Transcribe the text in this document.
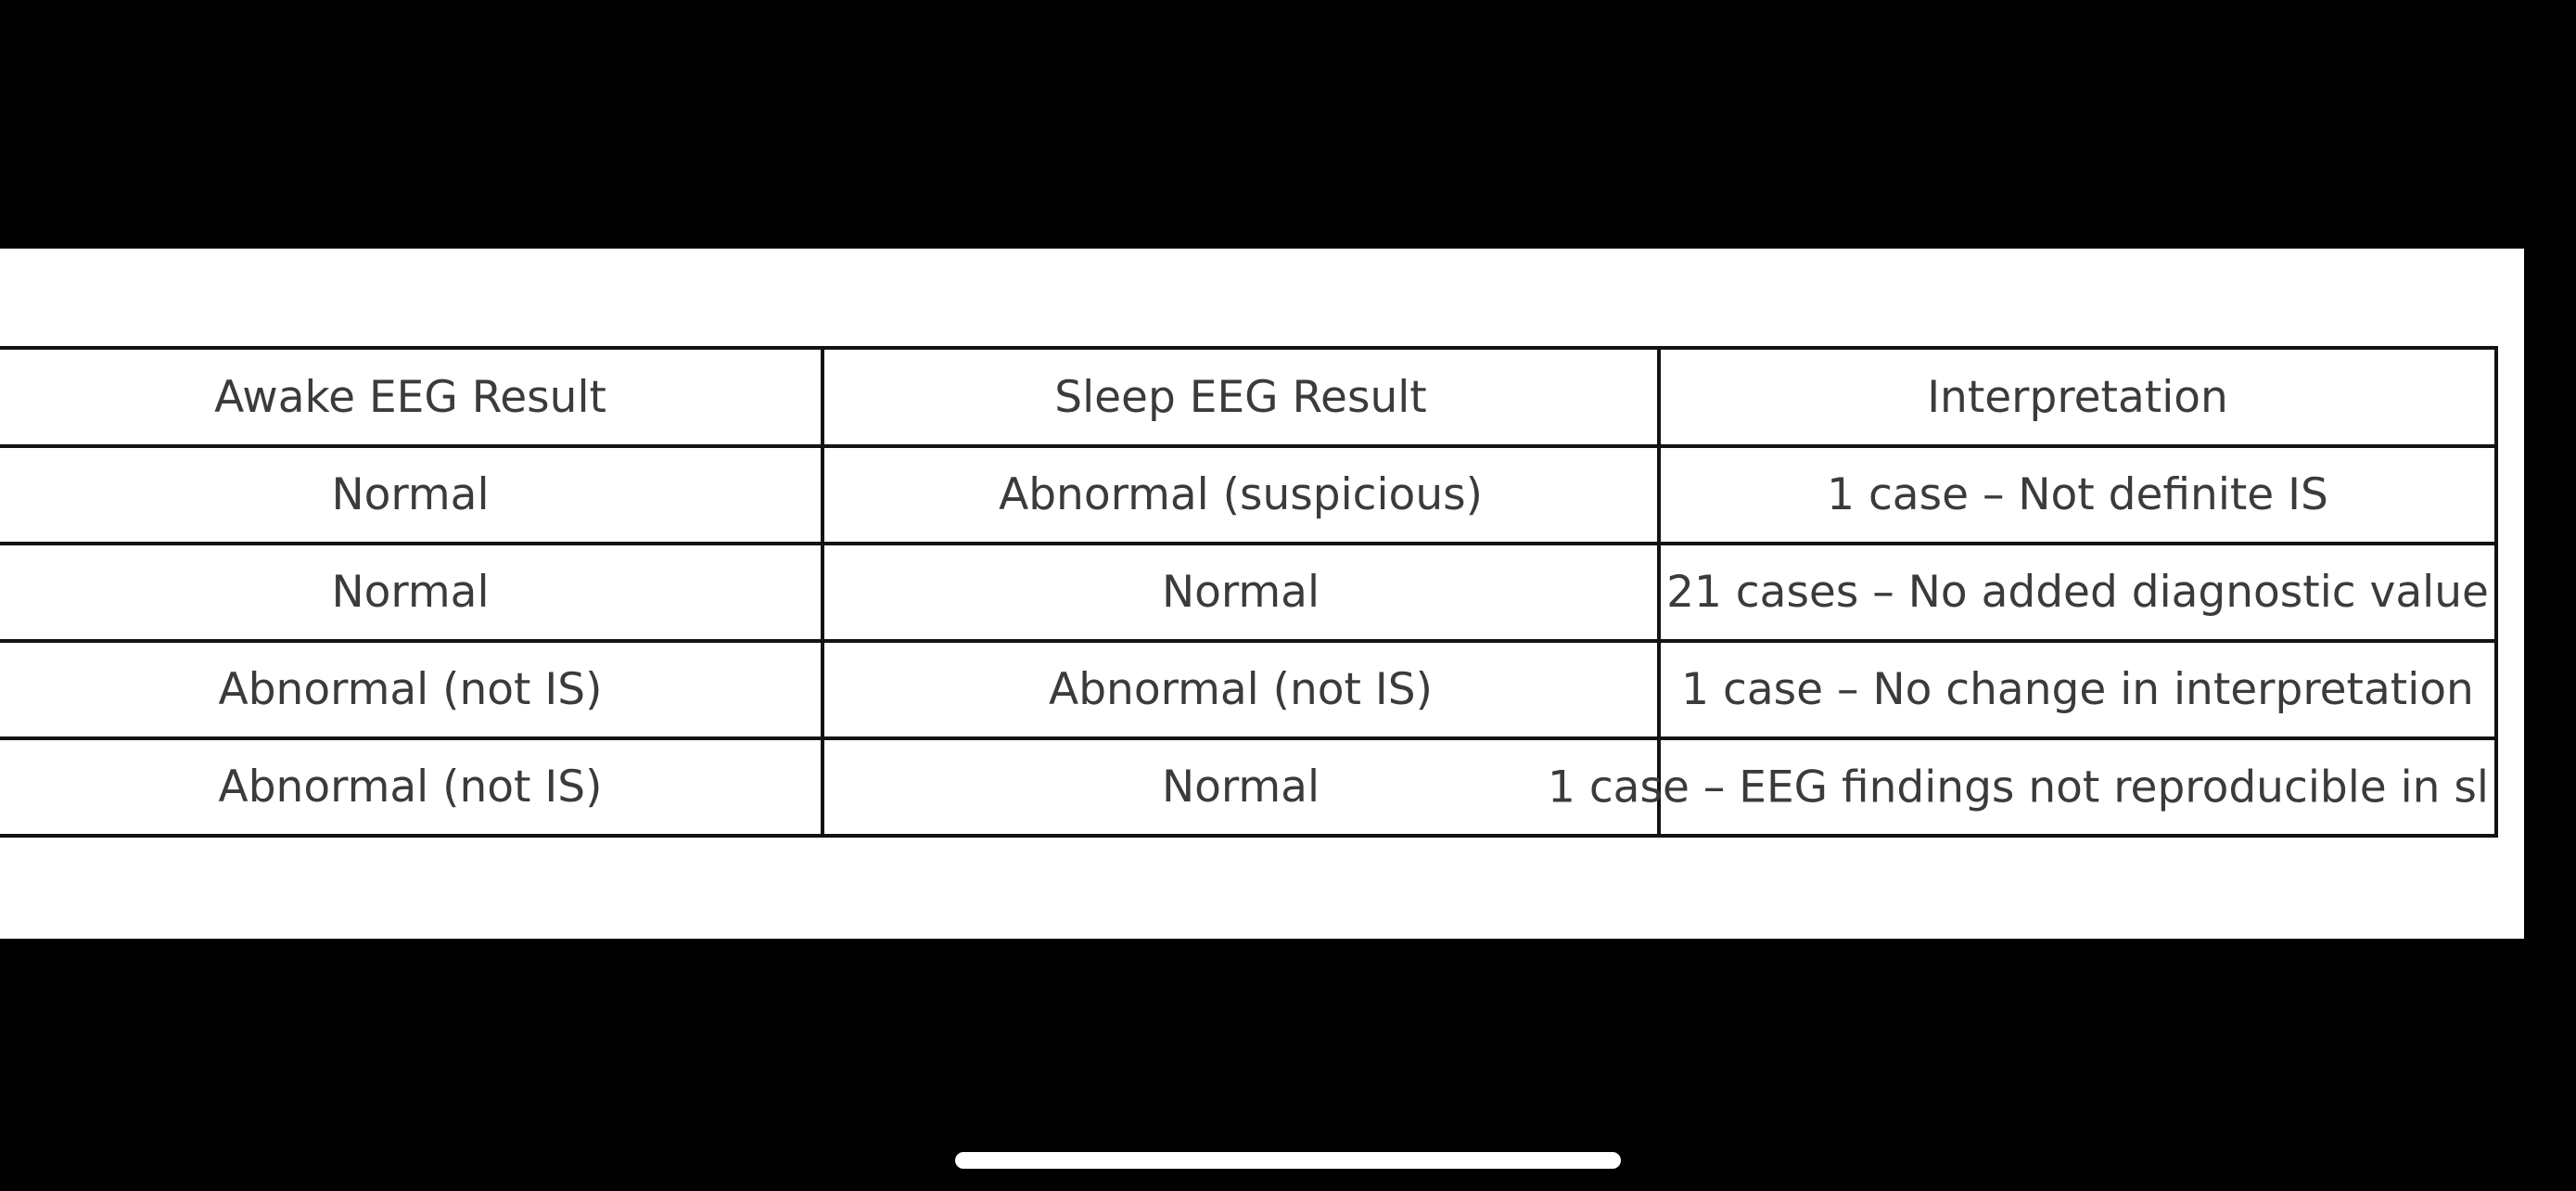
Awake EEG Result	Sleep EEG Result	Interpretation
Normal	Abnormal (suspicious)	1 case – Not definite IS
Normal	Normal	21 cases – No added diagnostic value
Abnormal (not IS)	Abnormal (not IS)	1 case – No change in interpretation
Abnormal (not IS)	Normal	1 case – EEG findings not reproducible in sl
